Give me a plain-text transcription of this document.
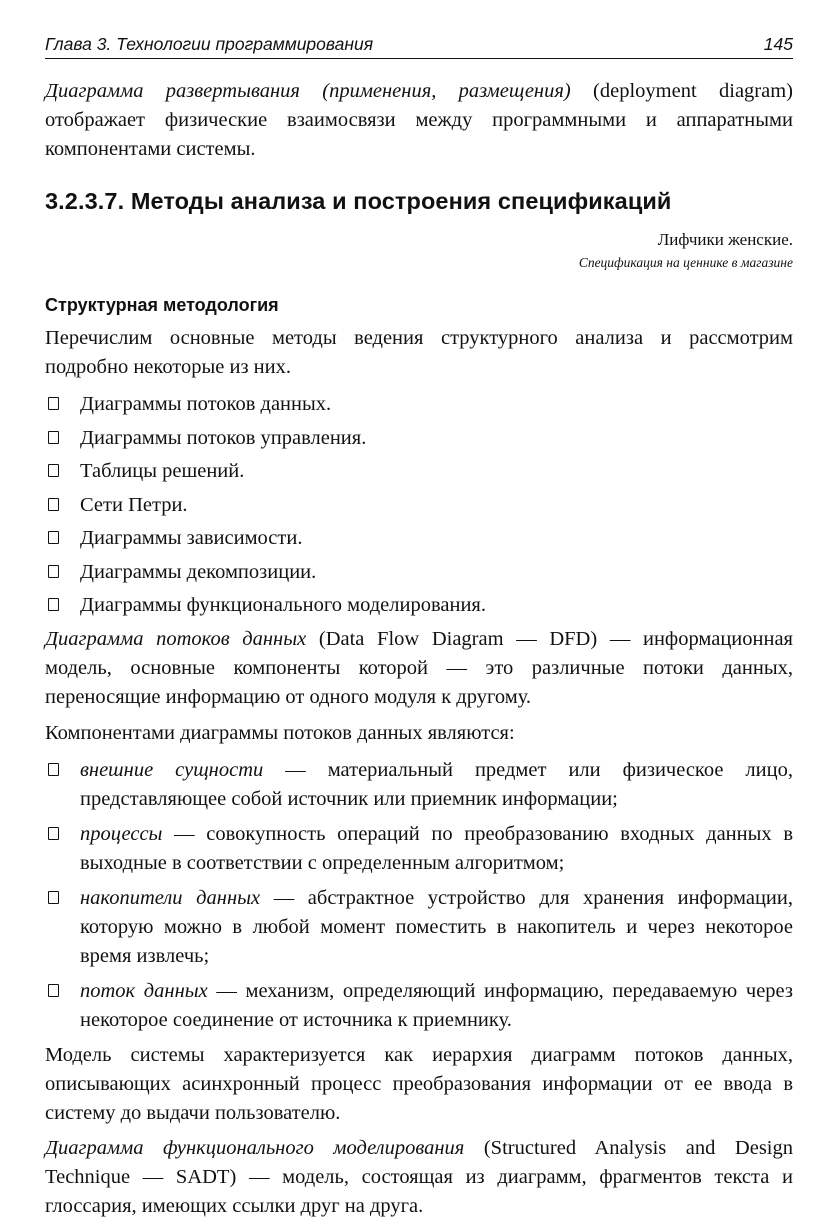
Глава 3. Технологии программирования	145

Диаграмма развертывания (применения, размещения) (deployment diagram) отображает физические взаимосвязи между программными и аппаратными компонентами системы.

3.2.3.7. Методы анализа и построения спецификаций
Лифчики женские.
Спецификация на ценнике в магазине
Структурная методология

Перечислим основные методы ведения структурного анализа и рассмотрим подробно некоторые из них.

Диаграммы потоков данных.
Диаграммы потоков управления.
Таблицы решений.
Сети Петри.
Диаграммы зависимости.
Диаграммы декомпозиции.
Диаграммы функционального моделирования.

Диаграмма потоков данных (Data Flow Diagram — DFD) — информационная модель, основные компоненты которой — это различные потоки данных, переносящие информацию от одного модуля к другому.

Компонентами диаграммы потоков данных являются:

внешние сущности — материальный предмет или физическое лицо, представляющее собой источник или приемник информации;
процессы — совокупность операций по преобразованию входных данных в выходные в соответствии с определенным алгоритмом;
накопители данных — абстрактное устройство для хранения информации, которую можно в любой момент поместить в накопитель и через некоторое время извлечь;
поток данных — механизм, определяющий информацию, передаваемую через некоторое соединение от источника к приемнику.

Модель системы характеризуется как иерархия диаграмм потоков данных, описывающих асинхронный процесс преобразования информации от ее ввода в систему до выдачи пользователю.

Диаграмма функционального моделирования (Structured Analysis and Design Technique — SADT) — модель, состоящая из диаграмм, фрагментов текста и глоссария, имеющих ссылки друг на друга.
